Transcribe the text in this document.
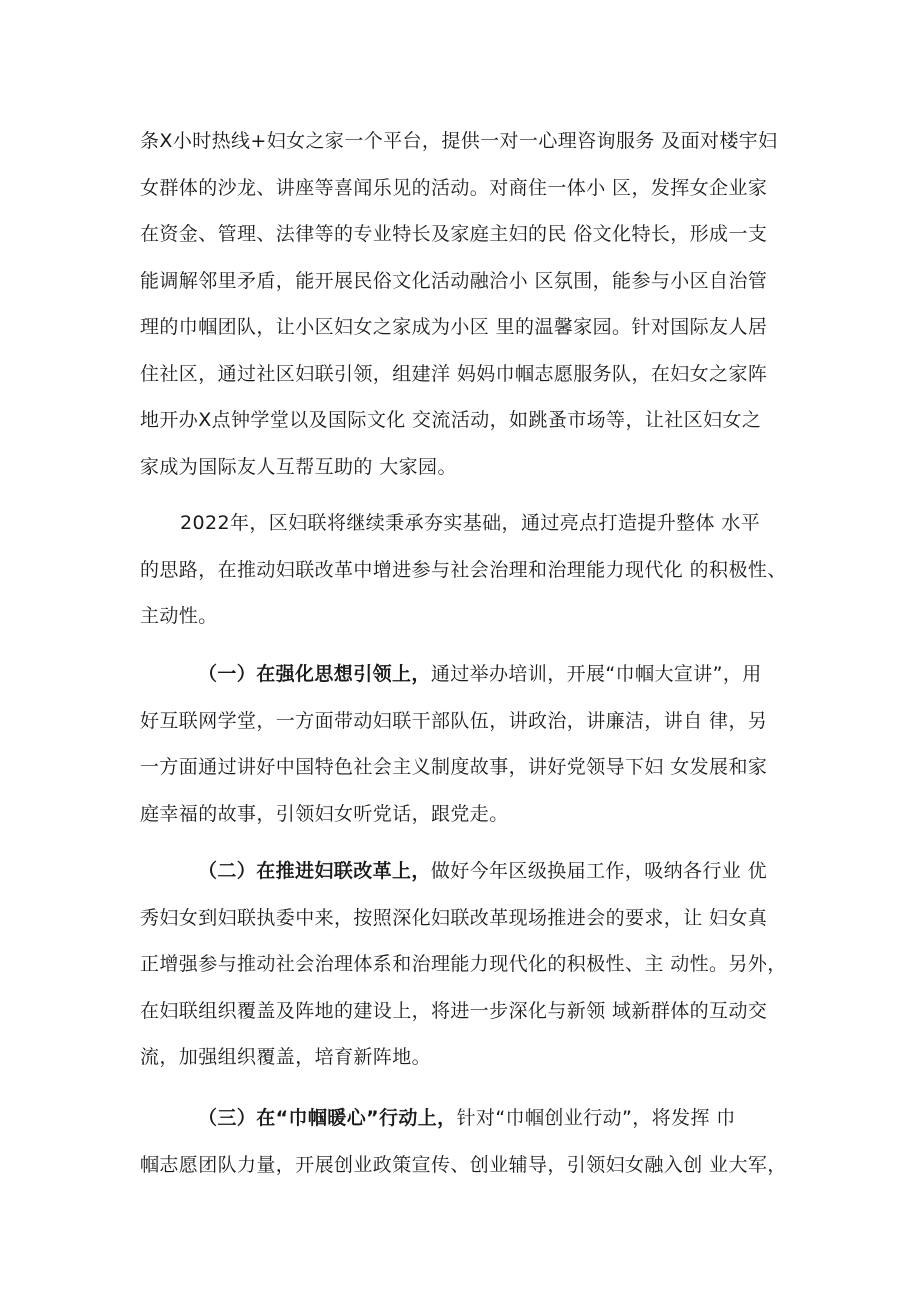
条X小时热线+妇女之家一个平台，提供一对一心理咨询服务 及面对楼宇妇
女群体的沙龙、讲座等喜闻乐见的活动。对商住一体小 区，发挥女企业家
在资金、管理、法律等的专业特长及家庭主妇的民 俗文化特长，形成一支
能调解邻里矛盾，能开展民俗文化活动融洽小 区氛围，能参与小区自治管
理的巾帼团队，让小区妇女之家成为小区 里的温馨家园。针对国际友人居
住社区，通过社区妇联引领，组建洋 妈妈巾帼志愿服务队，在妇女之家阵
地开办X点钟学堂以及国际文化 交流活动，如跳蚤市场等，让社区妇女之
家成为国际友人互帮互助的 大家园。
2022年，区妇联将继续秉承夯实基础，通过亮点打造提升整体 水平
的思路，在推动妇联改革中增进参与社会治理和治理能力现代化 的积极性、
主动性。
（一）在强化思想引领上，通过举办培训，开展“巾帼大宣讲”，用
好互联网学堂，一方面带动妇联干部队伍，讲政治，讲廉洁，讲自 律，另
一方面通过讲好中国特色社会主义制度故事，讲好党领导下妇 女发展和家
庭幸福的故事，引领妇女听党话，跟党走。
（二）在推进妇联改革上，做好今年区级换届工作，吸纳各行业 优
秀妇女到妇联执委中来，按照深化妇联改革现场推进会的要求，让 妇女真
正增强参与推动社会治理体系和治理能力现代化的积极性、主 动性。另外，
在妇联组织覆盖及阵地的建设上，将进一步深化与新领 域新群体的互动交
流，加强组织覆盖，培育新阵地。
（三）在“巾帼暖心”行动上，针对“巾帼创业行动”，将发挥 巾
帼志愿团队力量，开展创业政策宣传、创业辅导，引领妇女融入创 业大军，
